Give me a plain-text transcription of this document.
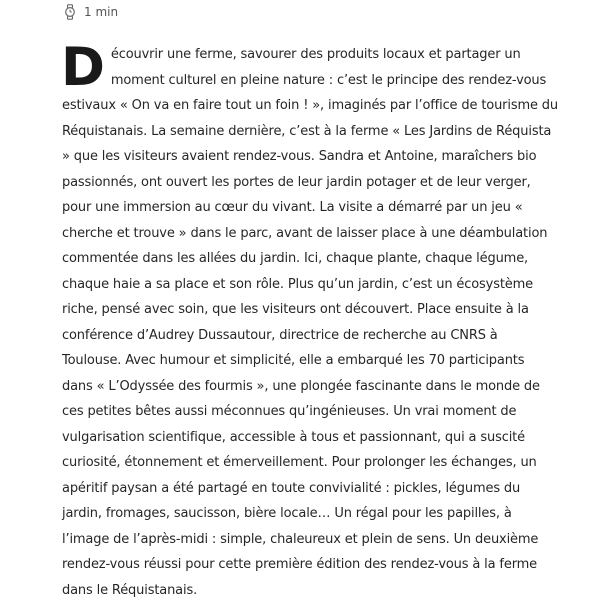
1 min
Découvrir une ferme, savourer des produits locaux et partager un moment culturel en pleine nature : c’est le principe des rendez-vous estivaux « On va en faire tout un foin ! », imaginés par l’office de tourisme du Réquistanais. La semaine dernière, c’est à la ferme « Les Jardins de Réquista » que les visiteurs avaient rendez-vous. Sandra et Antoine, maraîchers bio passionnés, ont ouvert les portes de leur jardin potager et de leur verger, pour une immersion au cœur du vivant. La visite a démarré par un jeu « cherche et trouve » dans le parc, avant de laisser place à une déambulation commentée dans les allées du jardin. Ici, chaque plante, chaque légume, chaque haie a sa place et son rôle. Plus qu’un jardin, c’est un écosystème riche, pensé avec soin, que les visiteurs ont découvert. Place ensuite à la conférence d’Audrey Dussautour, directrice de recherche au CNRS à Toulouse. Avec humour et simplicité, elle a embarqué les 70 participants dans « L’Odyssée des fourmis », une plongée fascinante dans le monde de ces petites bêtes aussi méconnues qu’ingénieuses. Un vrai moment de vulgarisation scientifique, accessible à tous et passionnant, qui a suscité curiosité, étonnement et émerveillement. Pour prolonger les échanges, un apéritif paysan a été partagé en toute convivialité : pickles, légumes du jardin, fromages, saucisson, bière locale… Un régal pour les papilles, à l’image de l’après-midi : simple, chaleureux et plein de sens. Un deuxième rendez-vous réussi pour cette première édition des rendez-vous à la ferme dans le Réquistanais.
